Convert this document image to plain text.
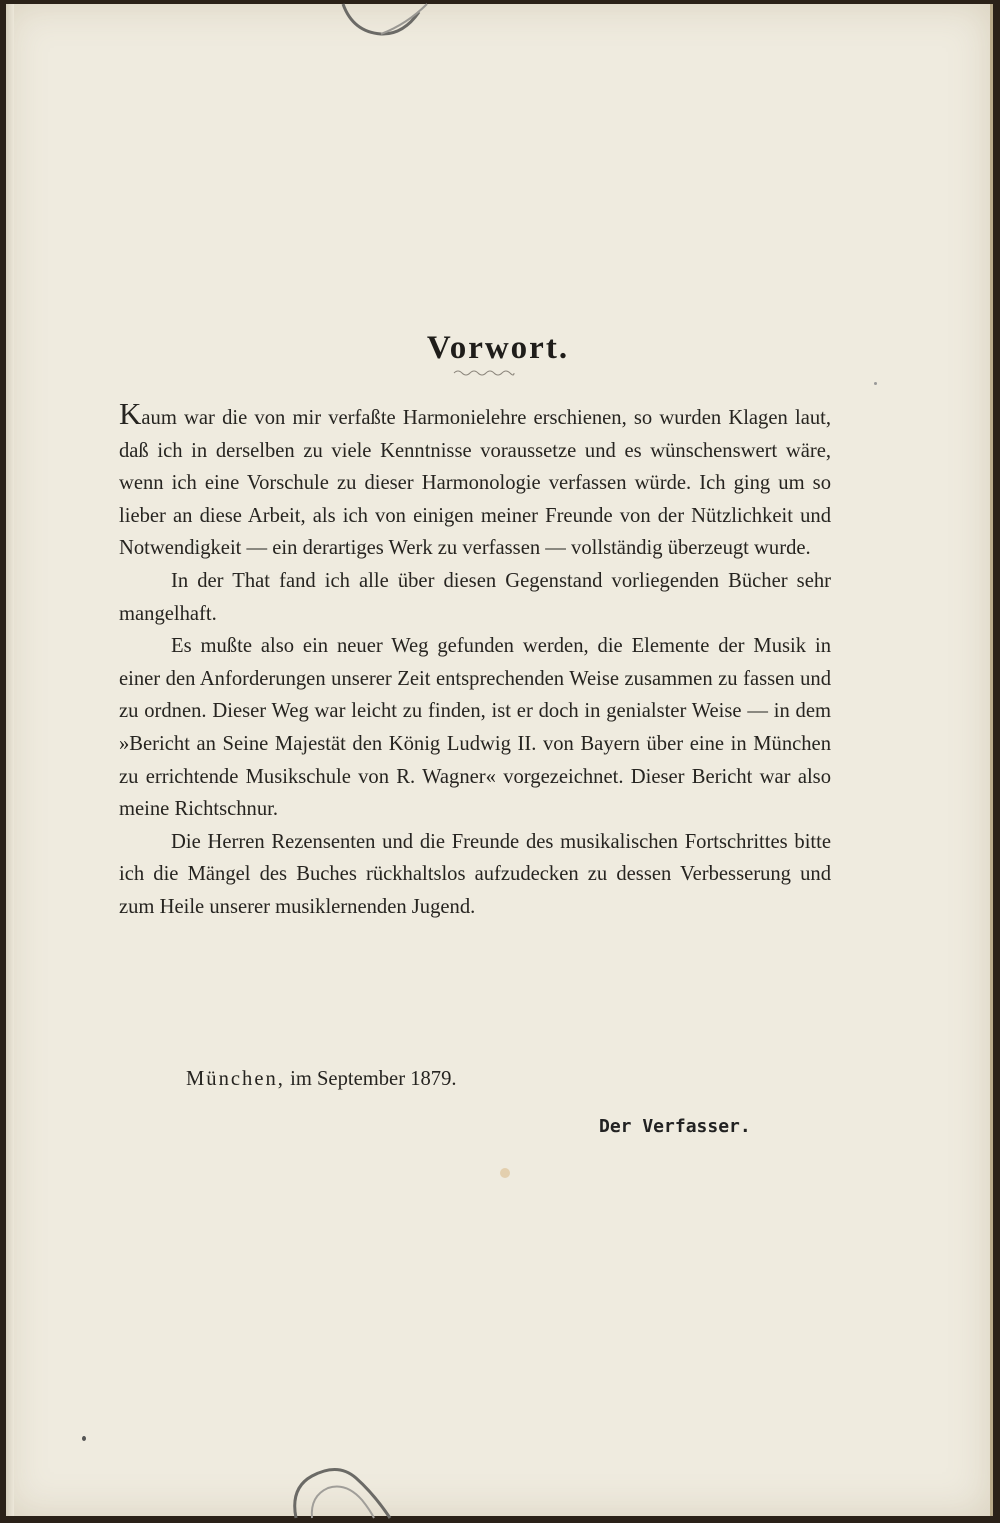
Vorwort.

Kaum war die von mir verfaßte Harmonielehre erschienen, so wurden Klagen laut, daß ich in derselben zu viele Kenntnisse voraussetze und es wünschenswert wäre, wenn ich eine Vorschule zu dieser Harmonologie verfassen würde. Ich ging um so lieber an diese Arbeit, als ich von einigen meiner Freunde von der Nützlichkeit und Notwendigkeit — ein derartiges Werk zu verfassen — vollständig überzeugt wurde.

In der That fand ich alle über diesen Gegenstand vorliegenden Bücher sehr mangelhaft.

Es mußte also ein neuer Weg gefunden werden, die Elemente der Musik in einer den Anforderungen unserer Zeit entsprechenden Weise zusammen zu fassen und zu ordnen. Dieser Weg war leicht zu finden, ist er doch in genialster Weise — in dem »Bericht an Seine Majestät den König Ludwig II. von Bayern über eine in München zu errichtende Musikschule von R. Wagner« vorgezeichnet. Dieser Bericht war also meine Richtschnur.

Die Herren Rezensenten und die Freunde des musikalischen Fortschrittes bitte ich die Mängel des Buches rückhaltslos aufzudecken zu dessen Verbesserung und zum Heile unserer musiklernenden Jugend.

München, im September 1879.
Der Verfasser.
